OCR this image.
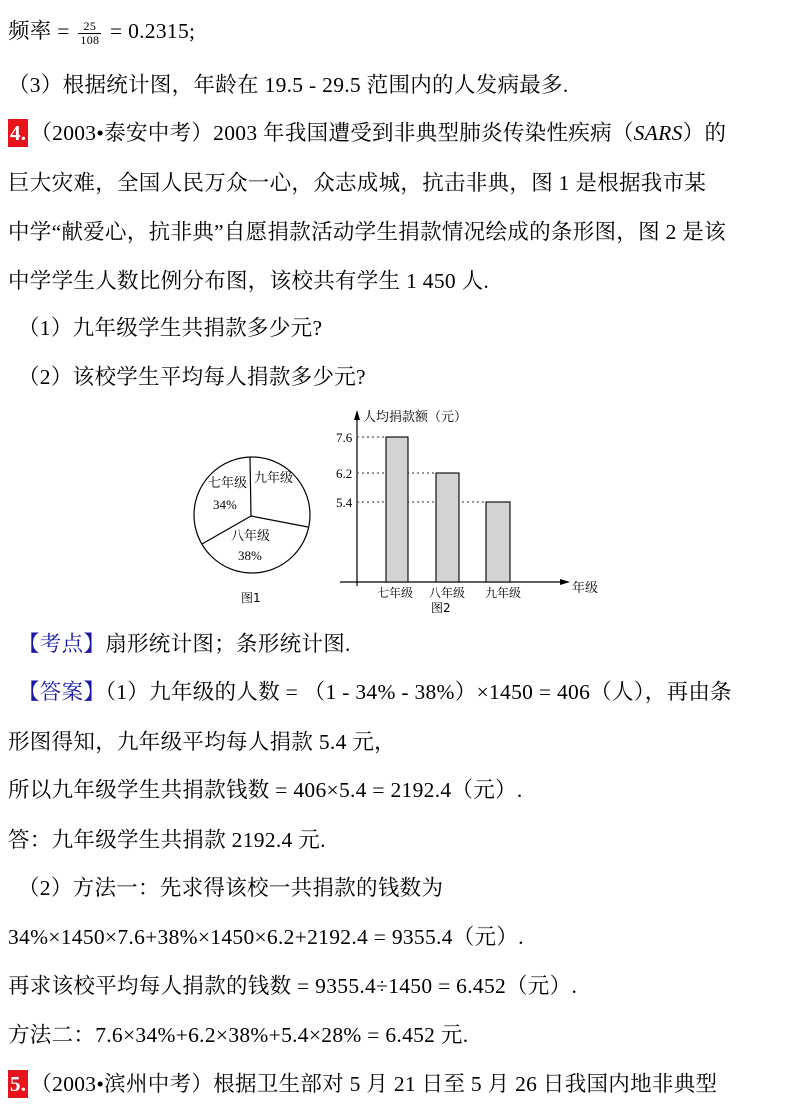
频率 = $\frac{25}{108} = 0.2315$;
（3）根据统计图，年龄在 19.5 - 29.5 范围内的人发病最多.
4. （2003•泰安中考）2003 年我国遭受到非典型肺炎传染性疾病（SARS）的
巨大灾难，全国人民万众一心，众志成城，抗击非典，图 1 是根据我市某
中学“献爱心，抗非典”自愿捐款活动学生捐款情况绘成的条形图，图 2 是该
中学学生人数比例分布图，该校共有学生 1 450 人.
（1）九年级学生共捐款多少元?
（2）该校学生平均每人捐款多少元?
七年级
34%
九年级
八年级
38%
图1
人均捐款额（元）
年级
7.6
6.2
5.4
七年级 八年级 九年级
图2
【考点】扇形统计图；条形统计图.
【答案】（1）九年级的人数 = （1 - 34% - 38%）×1450 = 406（人），再由条
形图得知，九年级平均每人捐款 5.4 元，
所以九年级学生共捐款钱数 = 406×5.4 = 2192.4（元）.
答：九年级学生共捐款 2192.4 元.
（2）方法一：先求得该校一共捐款的钱数为
34%×1450×7.6+38%×1450×6.2+2192.4 = 9355.4（元）.
再求该校平均每人捐款的钱数 = 9355.4÷1450 = 6.452（元）.
方法二：7.6×34%+6.2×38%+5.4×28% = 6.452 元.
5. （2003•滨州中考）根据卫生部对 5 月 21 日至 5 月 26 日我国内地非典型
